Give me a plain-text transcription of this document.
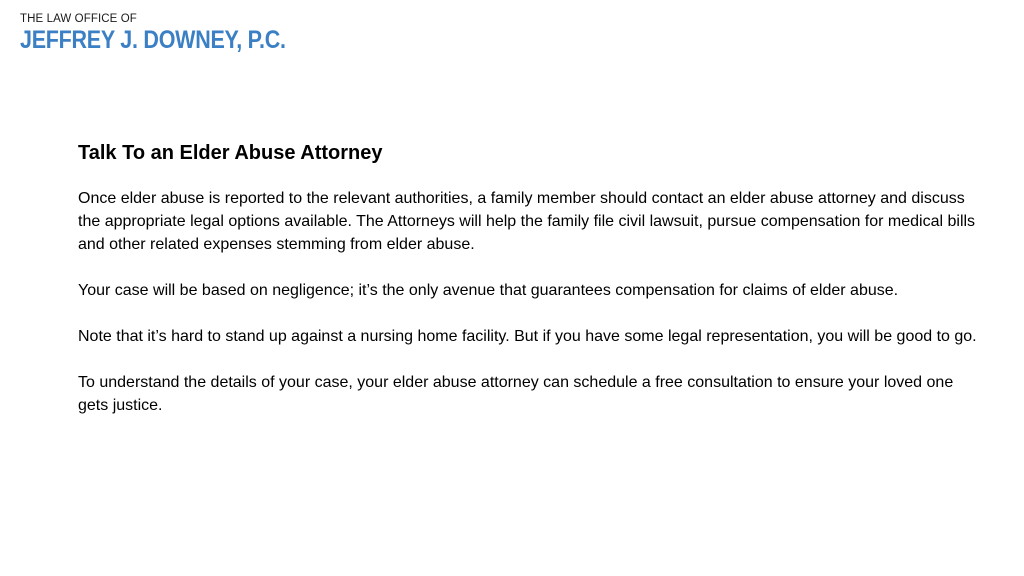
THE LAW OFFICE OF
JEFFREY J. DOWNEY, P.C.
Talk To an Elder Abuse Attorney

Once elder abuse is reported to the relevant authorities, a family member should contact an elder abuse attorney and discuss the appropriate legal options available. The Attorneys will help the family file civil lawsuit, pursue compensation for medical bills and other related expenses stemming from elder abuse.

Your case will be based on negligence; it’s the only avenue that guarantees compensation for claims of elder abuse.

Note that it’s hard to stand up against a nursing home facility. But if you have some legal representation, you will be good to go.

To understand the details of your case, your elder abuse attorney can schedule a free consultation to ensure your loved one gets justice.
